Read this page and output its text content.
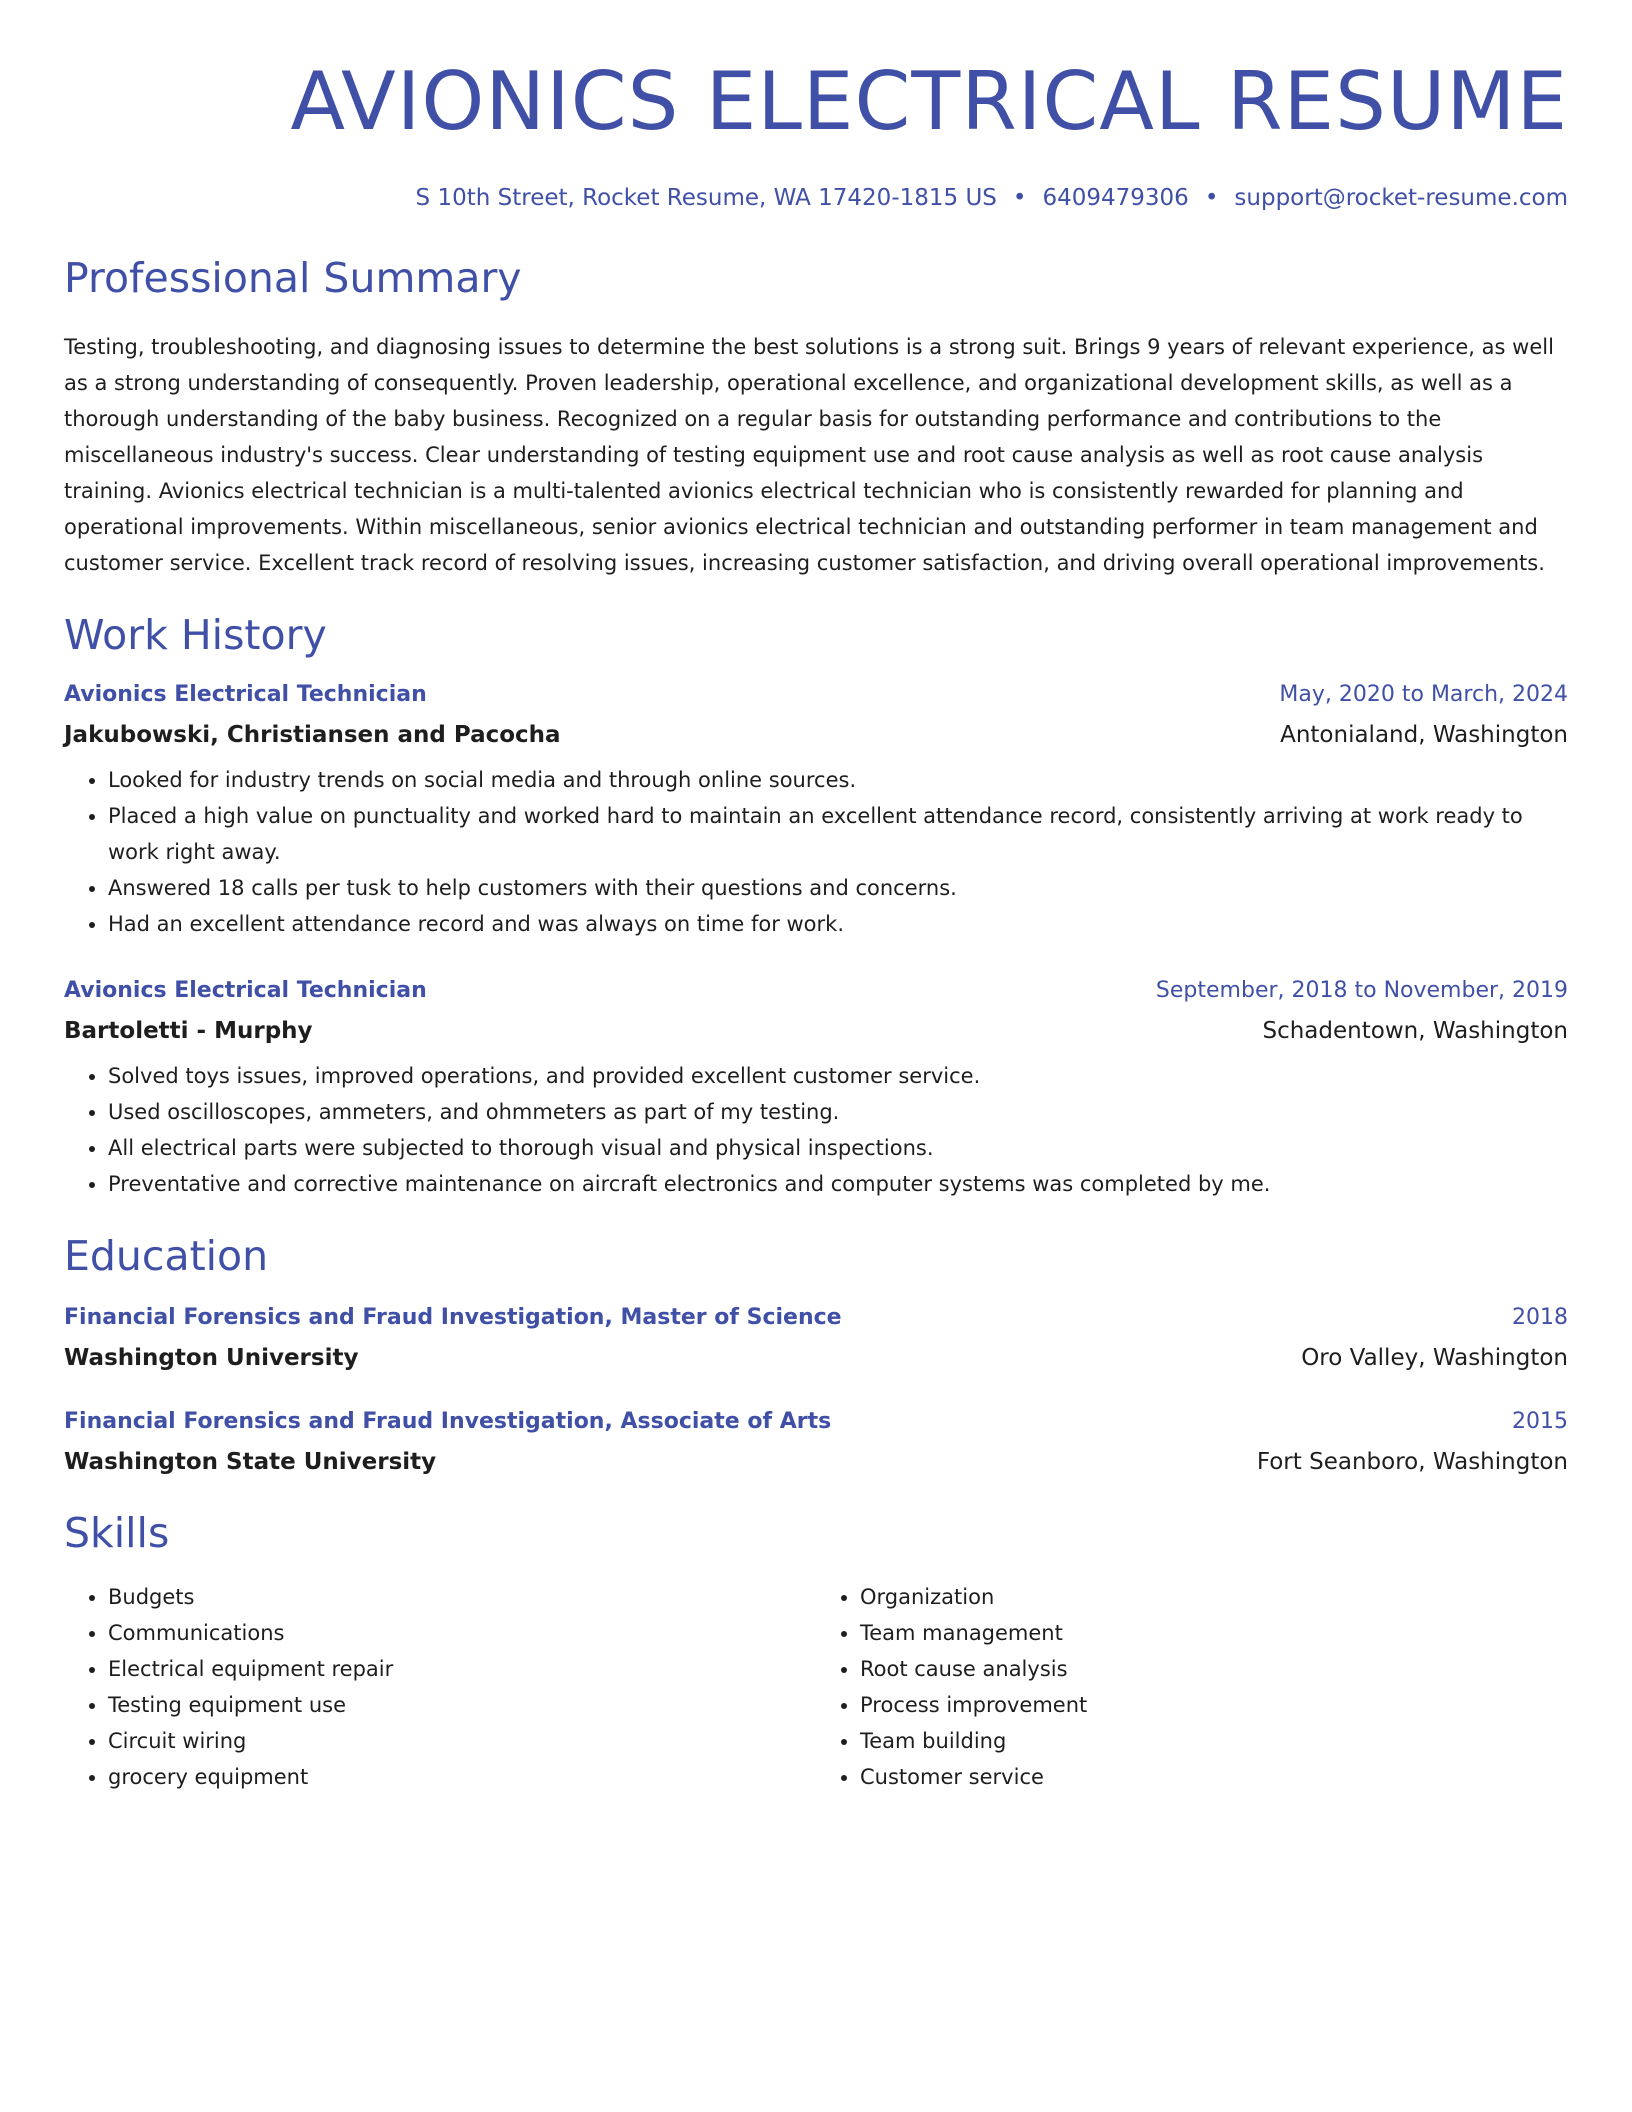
AVIONICS ELECTRICAL RESUME
S 10th Street, Rocket Resume, WA 17420-1815 US • 6409479306 • support@rocket-resume.com
Professional Summary

Testing, troubleshooting, and diagnosing issues to determine the best solutions is a strong suit. Brings 9 years of relevant experience, as well as a strong understanding of consequently. Proven leadership, operational excellence, and organizational development skills, as well as a thorough understanding of the baby business. Recognized on a regular basis for outstanding performance and contributions to the miscellaneous industry's success. Clear understanding of testing equipment use and root cause analysis as well as root cause analysis training. Avionics electrical technician is a multi-talented avionics electrical technician who is consistently rewarded for planning and operational improvements. Within miscellaneous, senior avionics electrical technician and outstanding performer in team management and customer service. Excellent track record of resolving issues, increasing customer satisfaction, and driving overall operational improvements.

Work History
Avionics Electrical Technician	May, 2020 to March, 2024
Jakubowski, Christiansen and Pacocha	Antonialand, Washington
• Looked for industry trends on social media and through online sources.
• Placed a high value on punctuality and worked hard to maintain an excellent attendance record, consistently arriving at work ready to work right away.
• Answered 18 calls per tusk to help customers with their questions and concerns.
• Had an excellent attendance record and was always on time for work.
Avionics Electrical Technician	September, 2018 to November, 2019
Bartoletti - Murphy	Schadentown, Washington
• Solved toys issues, improved operations, and provided excellent customer service.
• Used oscilloscopes, ammeters, and ohmmeters as part of my testing.
• All electrical parts were subjected to thorough visual and physical inspections.
• Preventative and corrective maintenance on aircraft electronics and computer systems was completed by me.
Education
Financial Forensics and Fraud Investigation, Master of Science	2018
Washington University	Oro Valley, Washington
Financial Forensics and Fraud Investigation, Associate of Arts	2015
Washington State University	Fort Seanboro, Washington
Skills
• Budgets
• Communications
• Electrical equipment repair
• Testing equipment use
• Circuit wiring
• grocery equipment
• Organization
• Team management
• Root cause analysis
• Process improvement
• Team building
• Customer service
